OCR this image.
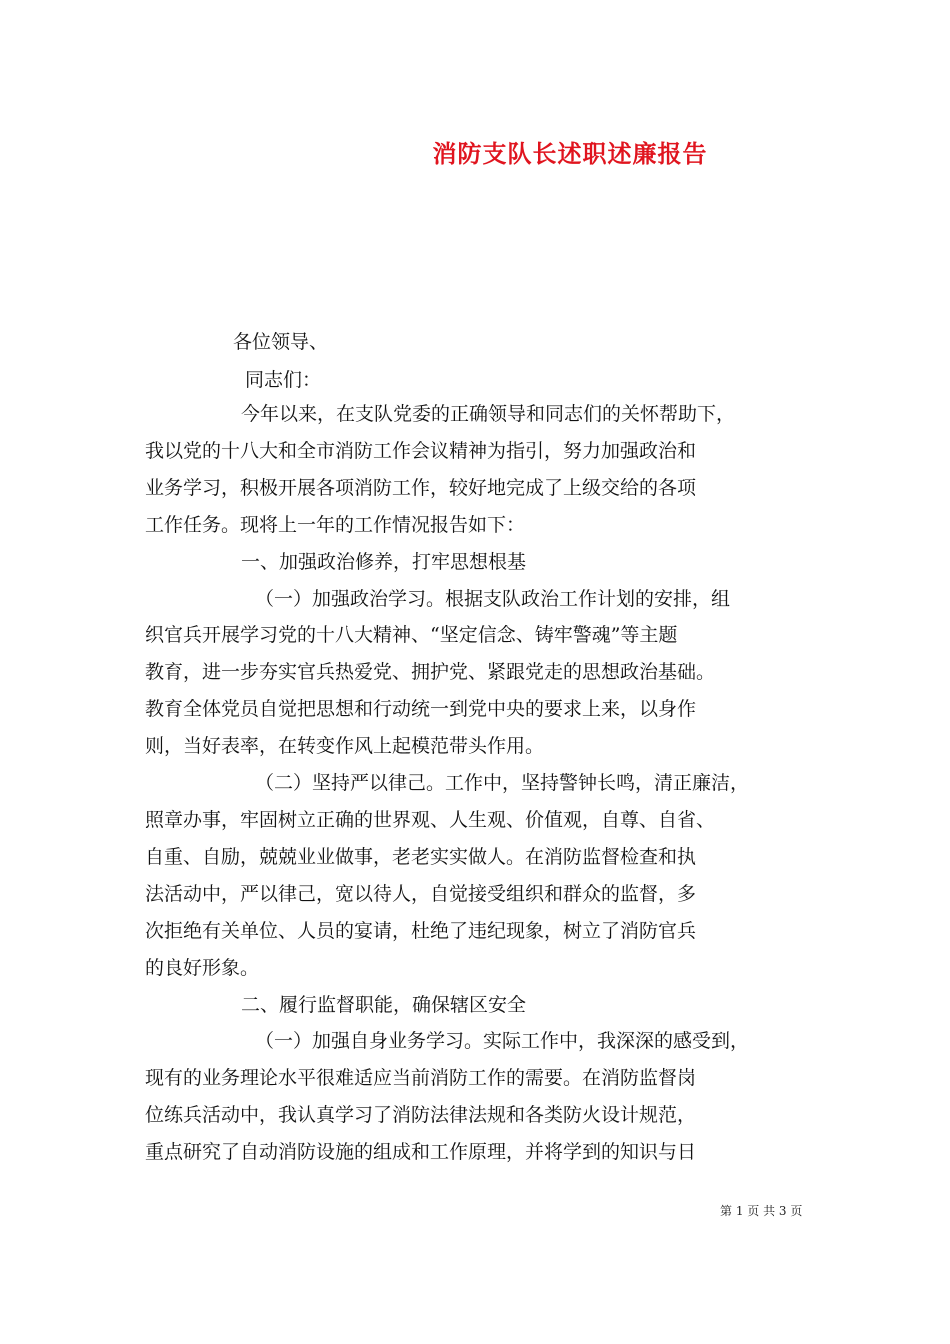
消防支队长述职述廉报告
各位领导、
同志们：
今年以来，在支队党委的正确领导和同志们的关怀帮助下，
我以党的十八大和全市消防工作会议精神为指引，努力加强政治和
业务学习，积极开展各项消防工作，较好地完成了上级交给的各项
工作任务。现将上一年的工作情况报告如下：
一、加强政治修养，打牢思想根基
（一）加强政治学习。根据支队政治工作计划的安排，组
织官兵开展学习党的十八大精神、“坚定信念、铸牢警魂”等主题
教育，进一步夯实官兵热爱党、拥护党、紧跟党走的思想政治基础。
教育全体党员自觉把思想和行动统一到党中央的要求上来，以身作
则，当好表率，在转变作风上起模范带头作用。
（二）坚持严以律己。工作中，坚持警钟长鸣，清正廉洁，
照章办事，牢固树立正确的世界观、人生观、价值观，自尊、自省、
自重、自励，兢兢业业做事，老老实实做人。在消防监督检查和执
法活动中，严以律己，宽以待人，自觉接受组织和群众的监督，多
次拒绝有关单位、人员的宴请，杜绝了违纪现象，树立了消防官兵
的良好形象。
二、履行监督职能，确保辖区安全
（一）加强自身业务学习。实际工作中，我深深的感受到，
现有的业务理论水平很难适应当前消防工作的需要。在消防监督岗
位练兵活动中，我认真学习了消防法律法规和各类防火设计规范，
重点研究了自动消防设施的组成和工作原理，并将学到的知识与日
第 1 页 共 3 页
